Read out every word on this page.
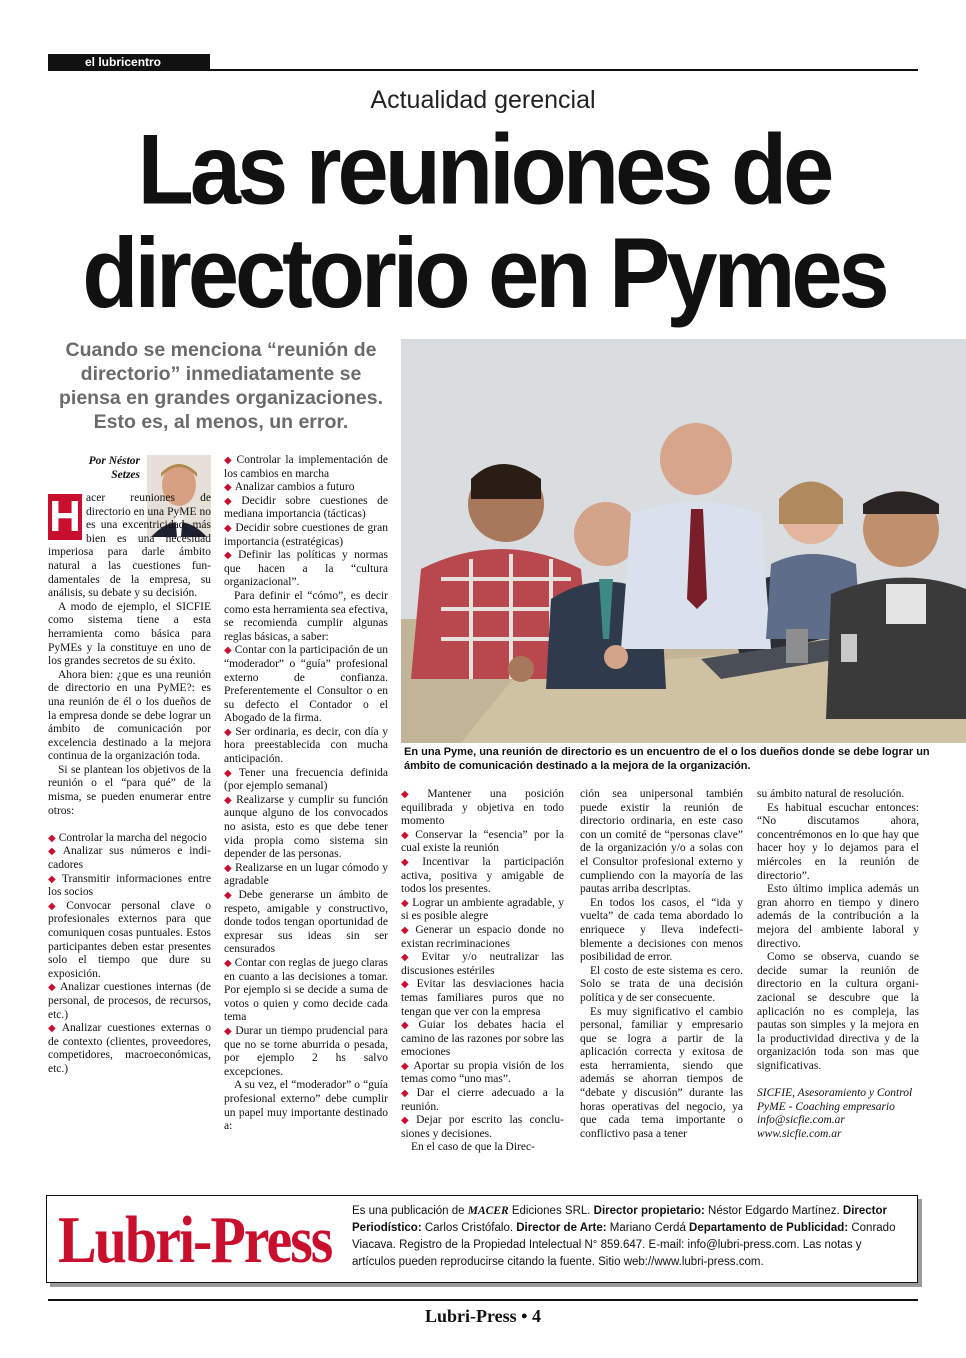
el lubricentro
Actualidad gerencial
Las reuniones de
directorio en Pymes
Cuando se menciona “reunión de directorio” inmediatamente se piensa en grandes organizaciones. Esto es, al menos, un error.
En una Pyme, una reunión de directorio es un encuentro de el o los dueños donde se debe lograr un ámbito de comunicación destinado a la mejora de la organización.
Por Néstor
Setzes
H acer reuniones de directorio en una PyME no es una excentricidad, más bien es una necesidad imperiosa para darle ámbito natural a las cuestiones fundamentales de la empresa, su análisis, su debate y su decisión.

A modo de ejemplo, el SICFIE como sistema tiene a esta herramienta como básica para PyMEs y la constituye en uno de los grandes secretos de su éxito.

Ahora bien: ¿que es una reunión de directorio en una PyME?: es una reunión de él o los dueños de la empresa donde se debe lograr un ámbito de comunicación por excelencia destinado a la mejora continua de la organización toda.

Si se plantean los objetivos de la reunión o el “para qué” de la misma, se pueden enumerar entre otros:

◆ Controlar la marcha del negocio

◆ Analizar sus números e indicadores

◆ Transmitir informaciones entre los socios

◆ Convocar personal clave o profesionales externos para que comuniquen cosas puntuales. Estos participantes deben estar presentes solo el tiempo que dure su exposición.

◆ Analizar cuestiones internas (de personal, de procesos, de recursos, etc.)

◆ Analizar cuestiones externas o de contexto (clientes, proveedores, competidores, macroeconómicas, etc.)

◆ Controlar la implementación de los cambios en marcha

◆ Analizar cambios a futuro

◆ Decidir sobre cuestiones de mediana importancia (tácticas)

◆ Decidir sobre cuestiones de gran importancia (estratégicas)

◆ Definir las políticas y normas que hacen a la “cultura organizacional”.

Para definir el “cómo”, es decir como esta herramienta sea efectiva, se recomienda cumplir algunas reglas básicas, a saber:

◆ Contar con la participación de un “moderador” o “guía” profesional externo de confianza. Preferentemente el Consultor o en su defecto el Contador o el Abogado de la firma.

◆ Ser ordinaria, es decir, con día y hora preestablecida con mucha anticipación.

◆ Tener una frecuencia definida (por ejemplo semanal)

◆ Realizarse y cumplir su función aunque alguno de los convocados no asista, esto es que debe tener vida propia como sistema sin depender de las personas.

◆ Realizarse en un lugar cómodo y agradable

◆ Debe generarse un ámbito de respeto, amigable y constructivo, donde todos tengan oportunidad de expresar sus ideas sin ser censurados

◆ Contar con reglas de juego claras en cuanto a las decisiones a tomar. Por ejemplo si se decide a suma de votos o quien y como decide cada tema

◆ Durar un tiempo prudencial para que no se torne aburrida o pesada, por ejemplo 2 hs salvo excepciones.

A su vez, el “moderador” o “guía profesional externo” debe cumplir un papel muy importante destinado a:

◆ Mantener una posición equilibrada y objetiva en todo momento

◆ Conservar la “esencia” por la cual existe la reunión

◆ Incentivar la participación activa, positiva y amigable de todos los presentes.

◆ Lograr un ambiente agradable, y si es posible alegre

◆ Generar un espacio donde no existan recriminaciones

◆ Evitar y/o neutralizar las discusiones estériles

◆ Evitar las desviaciones hacia temas familiares puros que no tengan que ver con la empresa

◆ Guiar los debates hacia el camino de las razones por sobre las emociones

◆ Aportar su propia visión de los temas como “uno mas”.

◆ Dar el cierre adecuado a la reunión.

◆ Dejar por escrito las conclusiones y decisiones.

En el caso de que la Direc-

ción sea unipersonal también puede existir la reunión de directorio ordinaria, en este caso con un comité de “personas clave” de la organización y/o a solas con el Consultor profesional externo y cumpliendo con la mayoría de las pautas arriba descriptas.

En todos los casos, el “ida y vuelta” de cada tema abordado lo enriquece y lleva indefectiblemente a decisiones con menos posibilidad de error.

El costo de este sistema es cero. Solo se trata de una decisión política y de ser consecuente.

Es muy significativo el cambio personal, familiar y empresario que se logra a partir de la aplicación correcta y exitosa de esta herramienta, siendo que además se ahorran tiempos de “debate y discusión” durante las horas operativas del negocio, ya que cada tema importante o conflictivo pasa a tener

su ámbito natural de resolución.

Es habitual escuchar entonces: “No discutamos ahora, concentrémonos en lo que hay que hacer hoy y lo dejamos para el miércoles en la reunión de directorio”.

Esto último implica además un gran ahorro en tiempo y dinero además de la contribución a la mejora del ambiente laboral y directivo.

Como se observa, cuando se decide sumar la reunión de directorio en la cultura organizacional se descubre que la aplicación no es compleja, las pautas son simples y la mejora en la productividad directiva y de la organización toda son mas que significativas.

SICFIE, Asesoramiento y Control PyME - Coaching empresario

info@sicfie.com.ar

www.sicfie.com.ar

Lubri-Press	Es una publicación de MACER Ediciones SRL. Director propietario: Néstor Edgardo Martínez. Director Periodístico: Carlos Cristófalo. Director de Arte: Mariano Cerdá Departamento de Publicidad: Conrado Viacava. Registro de la Propiedad Intelectual N° 859.647. E-mail: info@lubri-press.com. Las notas y artículos pueden reproducirse citando la fuente. Sitio web://www.lubri-press.com.
Lubri-Press • 4
